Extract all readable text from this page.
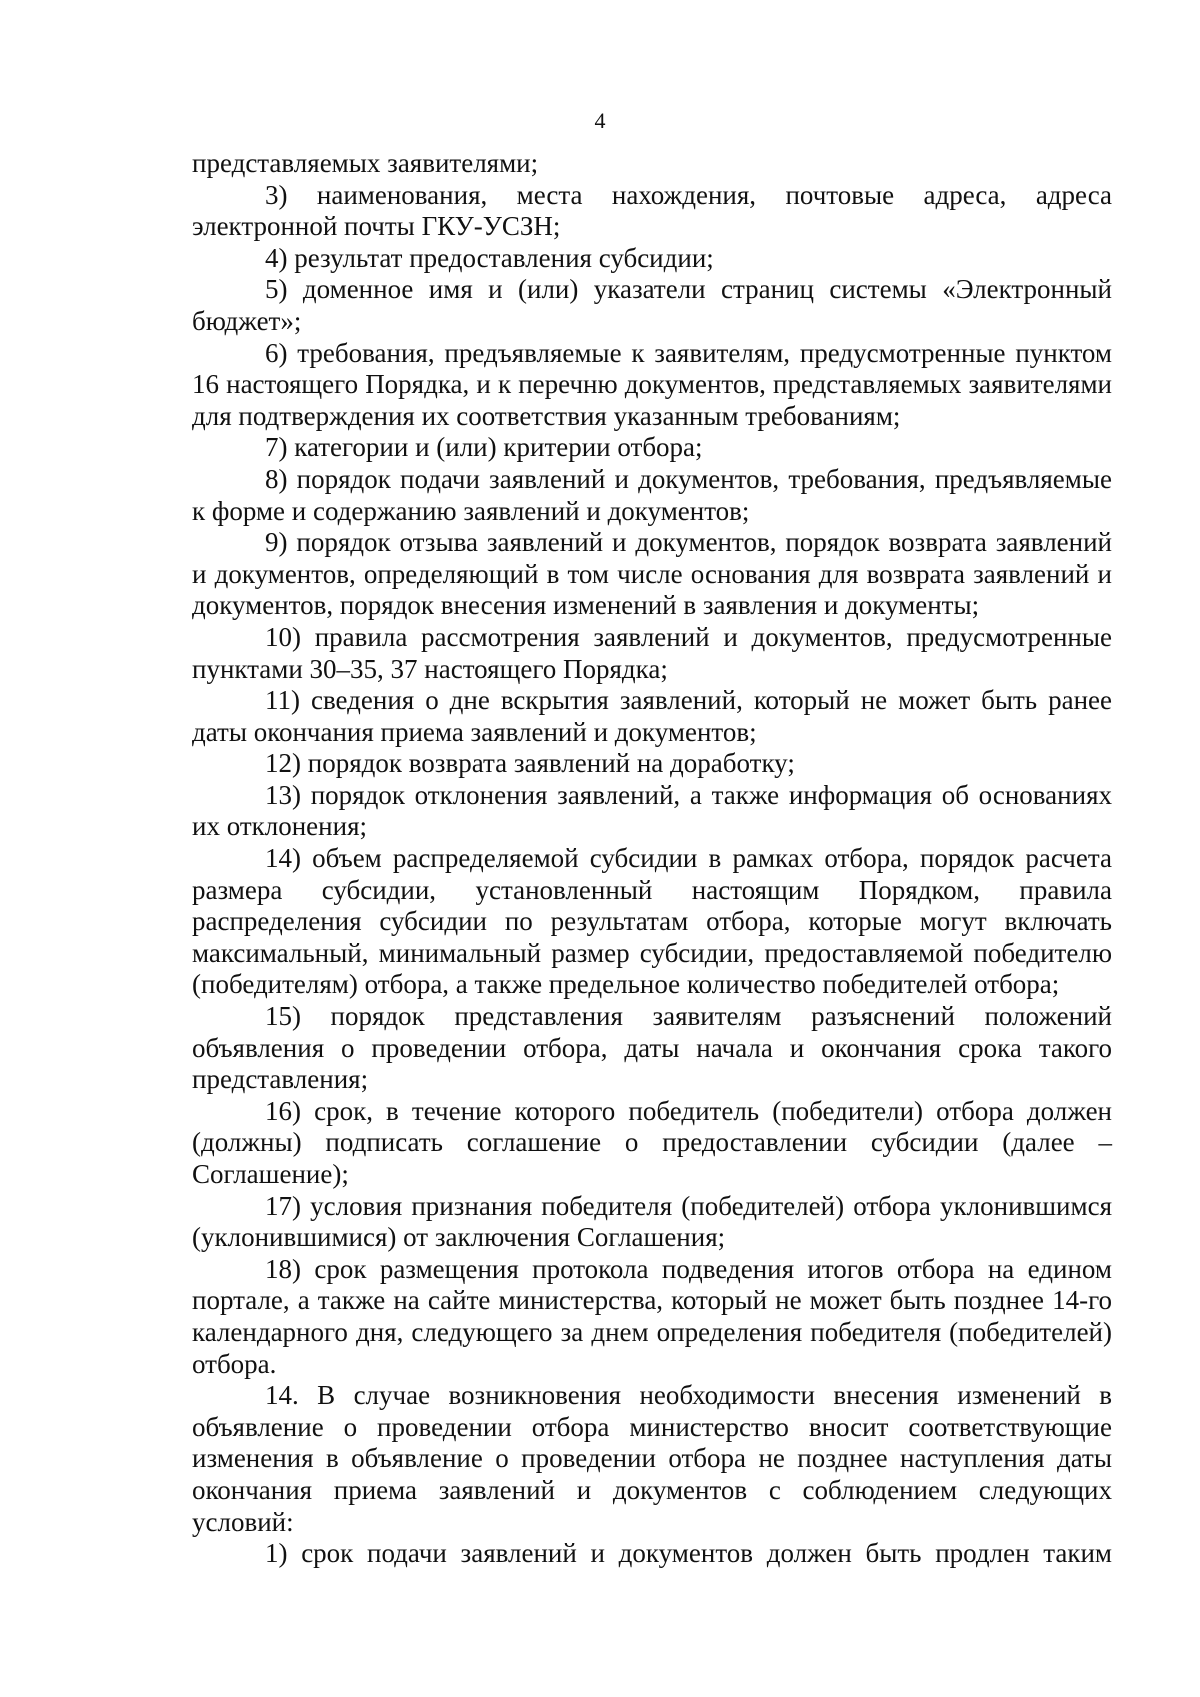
4

представляемых заявителями;

3) наименования, места нахождения, почтовые адреса, адреса электронной почты ГКУ-УСЗН;

4) результат предоставления субсидии;

5) доменное имя и (или) указатели страниц системы «Электронный бюджет»;

6) требования, предъявляемые к заявителям, предусмотренные пунктом 16 настоящего Порядка, и к перечню документов, представляемых заявителями для подтверждения их соответствия указанным требованиям;

7) категории и (или) критерии отбора;

8) порядок подачи заявлений и документов, требования, предъявляемые к форме и содержанию заявлений и документов;

9) порядок отзыва заявлений и документов, порядок возврата заявлений и документов, определяющий в том числе основания для возврата заявлений и документов, порядок внесения изменений в заявления и документы;

10) правила рассмотрения заявлений и документов, предусмотренные пунктами 30–35, 37 настоящего Порядка;

11) сведения о дне вскрытия заявлений, который не может быть ранее даты окончания приема заявлений и документов;

12) порядок возврата заявлений на доработку;

13) порядок отклонения заявлений, а также информация об основаниях их отклонения;

14) объем распределяемой субсидии в рамках отбора, порядок расчета размера субсидии, установленный настоящим Порядком, правила распределения субсидии по результатам отбора, которые могут включать максимальный, минимальный размер субсидии, предоставляемой победителю (победителям) отбора, а также предельное количество победителей отбора;

15) порядок представления заявителям разъяснений положений объявления о проведении отбора, даты начала и окончания срока такого представления;

16) срок, в течение которого победитель (победители) отбора должен (должны) подписать соглашение о предоставлении субсидии (далее – Соглашение);

17) условия признания победителя (победителей) отбора уклонившимся (уклонившимися) от заключения Соглашения;

18) срок размещения протокола подведения итогов отбора на едином портале, а также на сайте министерства, который не может быть позднее 14-го календарного дня, следующего за днем определения победителя (победителей) отбора.

14. В случае возникновения необходимости внесения изменений в объявление о проведении отбора министерство вносит соответствующие изменения в объявление о проведении отбора не позднее наступления даты окончания приема заявлений и документов с соблюдением следующих условий:

1) срок подачи заявлений и документов должен быть продлен таким
